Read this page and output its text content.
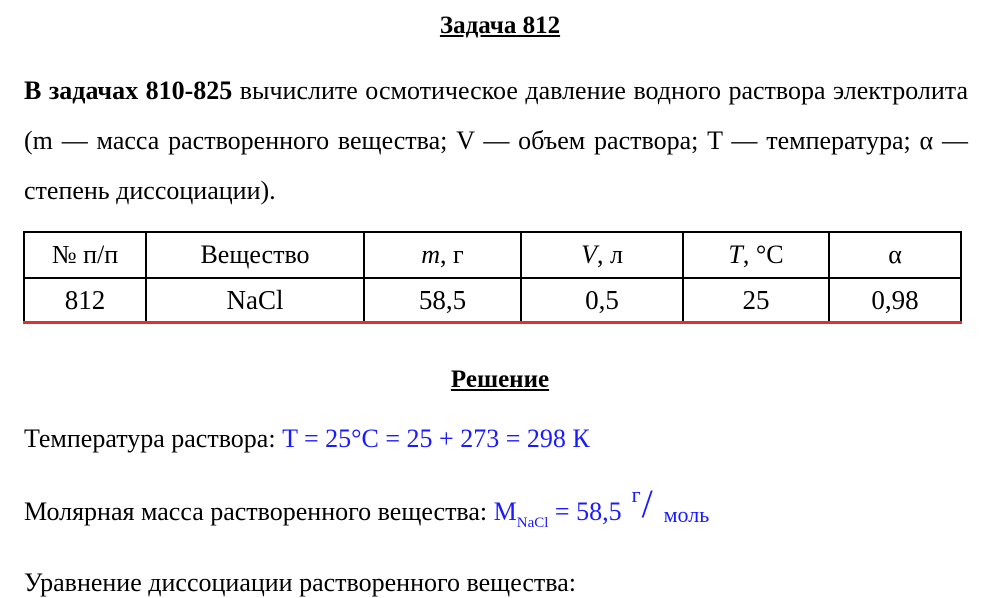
Задача 812
В задачах 810-825 вычислите осмотическое давление водного раствора электролита (m — масса растворенного вещества; V — объем раствора; T — температура; α — степень диссоциации).
№ п/п	Вещество	m, г	V, л	T, °C	α
812	NaCl	58,5	0,5	25	0,98
Решение
Температура раствора: T = 25°C = 25 + 273 = 298 К
Молярная масса растворенного вещества: $M_{NaCl} = 58,5$
г / моль
Уравнение диссоциации растворенного вещества:
